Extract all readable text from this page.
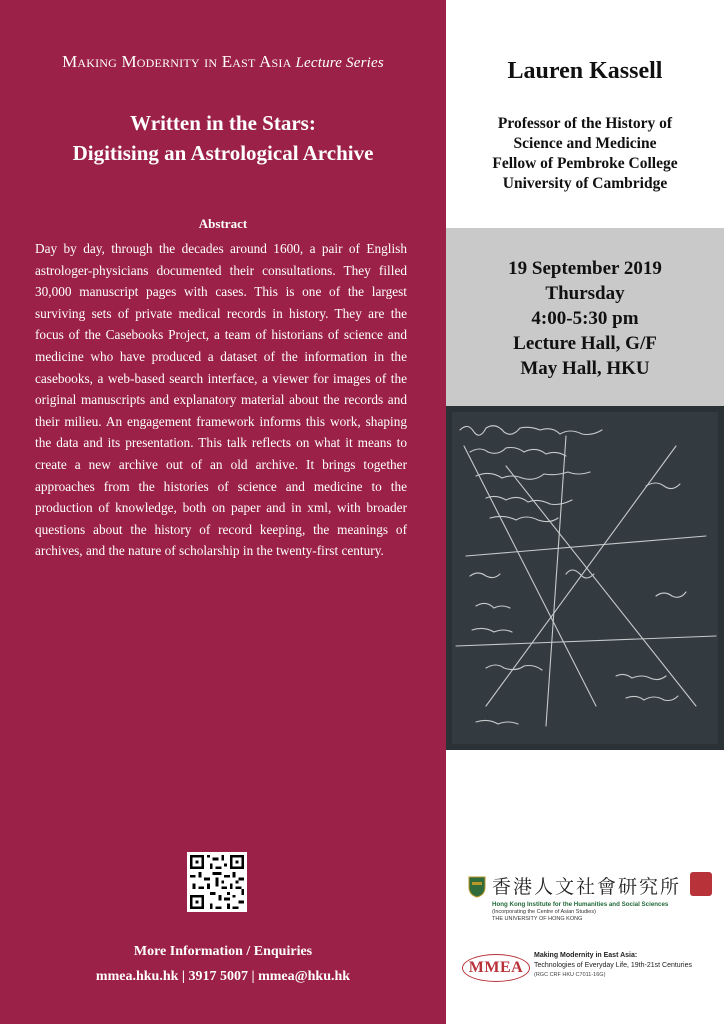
Making Modernity in East Asia Lecture Series
Written in the Stars:
Digitising an Astrological Archive
Abstract
Day by day, through the decades around 1600, a pair of English astrologer-physicians documented their consultations. They filled 30,000 manuscript pages with cases. This is one of the largest surviving sets of private medical records in history. They are the focus of the Casebooks Project, a team of historians of science and medicine who have produced a dataset of the information in the casebooks, a web-based search interface, a viewer for images of the original manuscripts and explanatory material about the records and their milieu. An engagement framework informs this work, shaping the data and its presentation. This talk reflects on what it means to create a new archive out of an old archive. It brings together approaches from the histories of science and medicine to the production of knowledge, both on paper and in xml, with broader questions about the history of record keeping, the meanings of archives, and the nature of scholarship in the twenty-first century.
More Information / Enquiries
mmea.hku.hk | 3917 5007 | mmea@hku.hk
Lauren Kassell
Professor of the History of
Science and Medicine
Fellow of Pembroke College
University of Cambridge
19 September 2019
Thursday
4:00-5:30 pm
Lecture Hall, G/F
May Hall, HKU
香港人文社會研究所
Hong Kong Institute for the Humanities and Social Sciences
(Incorporating the Centre of Asian Studies)
THE UNIVERSITY OF HONG KONG
MMEA
Making Modernity in East Asia:
Technologies of Everyday Life, 19th-21st Centuries
(RGC CRF HKU C7011-16G)
